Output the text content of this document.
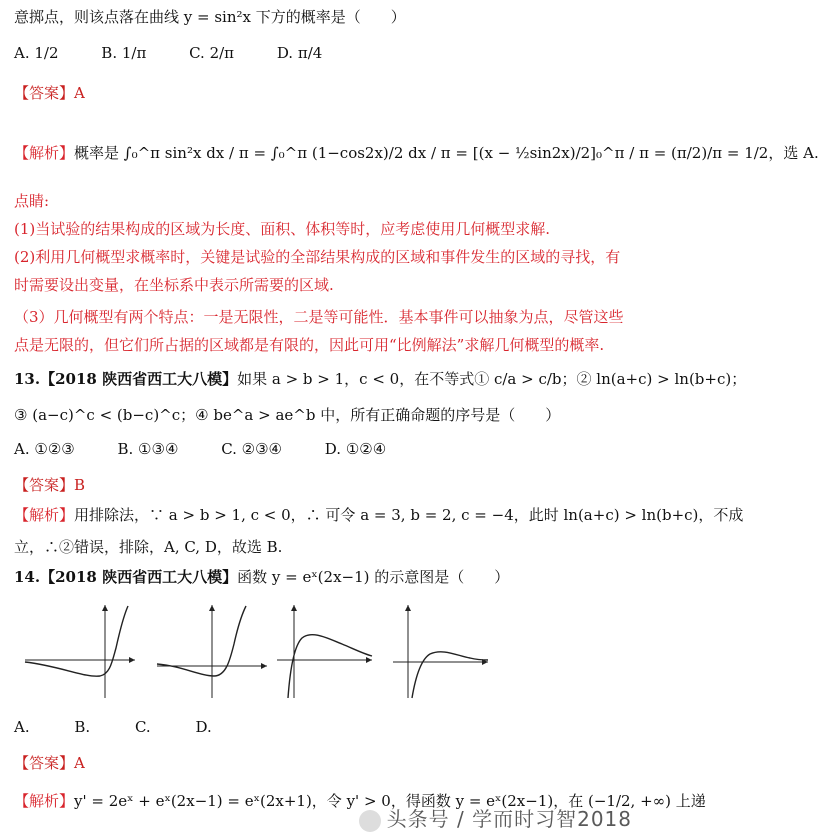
意掷点，则该点落在曲线 y = sin²x 下方的概率是（　　）
A. 1/2	B. 1/π	C. 2/π	D. π/4
【答案】A
【解析】概率是 ∫₀^π sin²x dx / π = ∫₀^π (1−cos2x)/2 dx / π = [(x − ½sin2x)/2]₀^π / π = (π/2)/π = 1/2，选 A.
点睛:
(1)当试验的结果构成的区域为长度、面积、体积等时，应考虑使用几何概型求解.
(2)利用几何概型求概率时，关键是试验的全部结果构成的区域和事件发生的区域的寻找，有
时需要设出变量，在坐标系中表示所需要的区域.
（3）几何概型有两个特点：一是无限性，二是等可能性．基本事件可以抽象为点，尽管这些
点是无限的，但它们所占据的区域都是有限的，因此可用“比例解法”求解几何概型的概率.
13.【2018 陕西省西工大八模】如果 a > b > 1，c < 0，在不等式① c/a > c/b；② ln(a+c) > ln(b+c)；
③ (a−c)^c < (b−c)^c；④ be^a > ae^b 中，所有正确命题的序号是（　　）
A. ①②③	B. ①③④	C. ②③④	D. ①②④
【答案】B
【解析】用排除法，∵ a > b > 1, c < 0，∴ 可令 a = 3, b = 2, c = −4，此时 ln(a+c) > ln(b+c)，不成
立，∴②错误，排除，A, C, D，故选 B.
14.【2018 陕西省西工大八模】函数 y = eˣ(2x−1) 的示意图是（　　）
A.	B.	C.	D.
【答案】A
【解析】y' = 2eˣ + eˣ(2x−1) = eˣ(2x+1)，令 y' > 0，得函数 y = eˣ(2x−1)，在 (−1/2, +∞) 上递
头条号 / 学而时习智2018
